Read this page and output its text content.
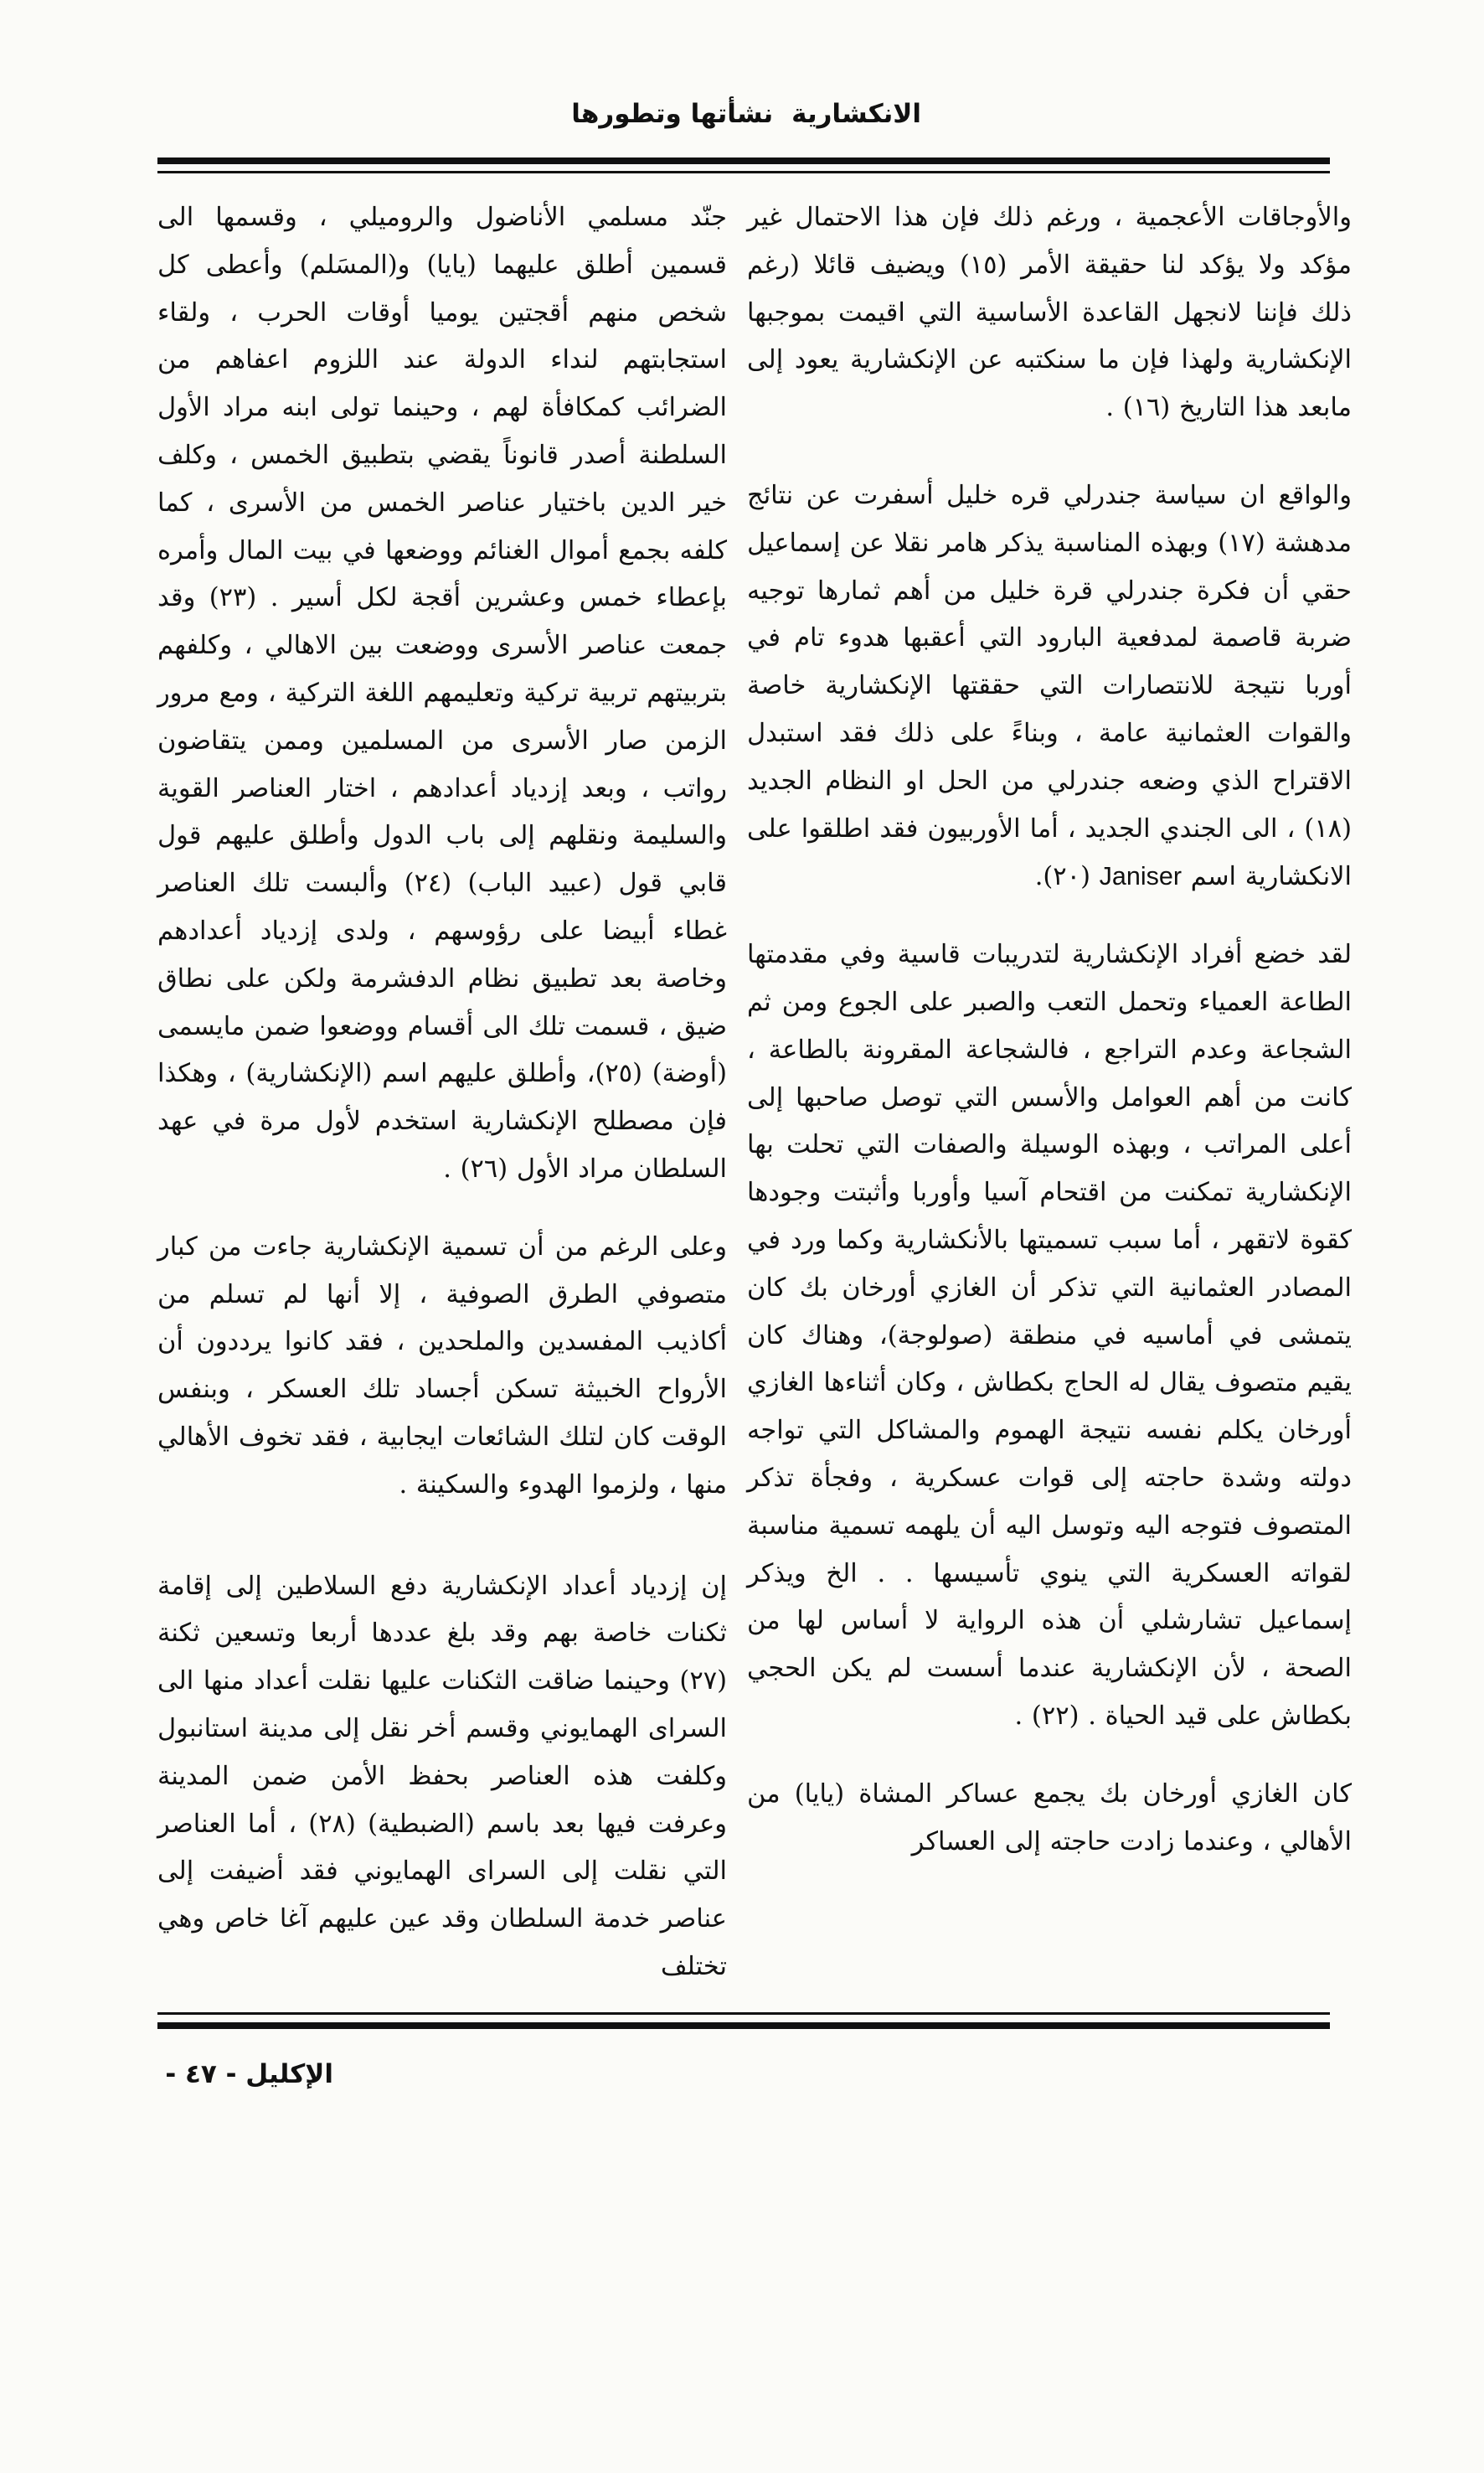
الانكشاريةنشأتها وتطورها

والأوجاقات الأعجمية ، ورغم ذلك فإن هذا الاحتمال غير مؤكد ولا يؤكد لنا حقيقة الأمر (١٥) ويضيف قائلا (رغم ذلك فإننا لانجهل القاعدة الأساسية التي اقيمت بموجبها الإنكشارية ولهذا فإن ما سنكتبه عن الإنكشارية يعود إلى مابعد هذا التاريخ (١٦) .

والواقع ان سياسة جندرلي قره خليل أسفرت عن نتائج مدهشة (١٧) وبهذه المناسبة يذكر هامر نقلا عن إسماعيل حقي أن فكرة جندرلي قرة خليل من أهم ثمارها توجيه ضربة قاصمة لمدفعية البارود التي أعقبها هدوء تام في أوربا نتيجة للانتصارات التي حققتها الإنكشارية خاصة والقوات العثمانية عامة ، وبناءً على ذلك فقد استبدل الاقتراح الذي وضعه جندرلي من الحل او النظام الجديد (١٨) ، الى الجندي الجديد ، أما الأوربيون فقد اطلقوا على الانكشارية اسم Janiser (٢٠).

لقد خضع أفراد الإنكشارية لتدريبات قاسية وفي مقدمتها الطاعة العمياء وتحمل التعب والصبر على الجوع ومن ثم الشجاعة وعدم التراجع ، فالشجاعة المقرونة بالطاعة ، كانت من أهم العوامل والأسس التي توصل صاحبها إلى أعلى المراتب ، وبهذه الوسيلة والصفات التي تحلت بها الإنكشارية تمكنت من اقتحام آسيا وأوربا وأثبتت وجودها كقوة لاتقهر ، أما سبب تسميتها بالأنكشارية وكما ورد في المصادر العثمانية التي تذكر أن الغازي أورخان بك كان يتمشى في أماسيه في منطقة (صولوجة)، وهناك كان يقيم متصوف يقال له الحاج بكطاش ، وكان أثناءها الغازي أورخان يكلم نفسه نتيجة الهموم والمشاكل التي تواجه دولته وشدة حاجته إلى قوات عسكرية ، وفجأة تذكر المتصوف فتوجه اليه وتوسل اليه أن يلهمه تسمية مناسبة لقواته العسكرية التي ينوي تأسيسها . . الخ ويذكر إسماعيل تشارشلي أن هذه الرواية لا أساس لها من الصحة ، لأن الإنكشارية عندما أسست لم يكن الحجي بكطاش على قيد الحياة . (٢٢) .

كان الغازي أورخان بك يجمع عساكر المشاة (يايا) من الأهالي ، وعندما زادت حاجته إلى العساكر

جنّد مسلمي الأناضول والروميلي ، وقسمها الى قسمين أطلق عليهما (يايا) و(المسَلم) وأعطى كل شخص منهم أقجتين يوميا أوقات الحرب ، ولقاء استجابتهم لنداء الدولة عند اللزوم اعفاهم من الضرائب كمكافأة لهم ، وحينما تولى ابنه مراد الأول السلطنة أصدر قانوناً يقضي بتطبيق الخمس ، وكلف خير الدين باختيار عناصر الخمس من الأسرى ، كما كلفه بجمع أموال الغنائم ووضعها في بيت المال وأمره بإعطاء خمس وعشرين أقجة لكل أسير . (٢٣) وقد جمعت عناصر الأسرى ووضعت بين الاهالي ، وكلفهم بتربيتهم تربية تركية وتعليمهم اللغة التركية ، ومع مرور الزمن صار الأسرى من المسلمين وممن يتقاضون رواتب ، وبعد إزدياد أعدادهم ، اختار العناصر القوية والسليمة ونقلهم إلى باب الدول وأطلق عليهم قول قابي قول (عبيد الباب) (٢٤) وألبست تلك العناصر غطاء أبيضا على رؤوسهم ، ولدى إزدياد أعدادهم وخاصة بعد تطبيق نظام الدفشرمة ولكن على نطاق ضيق ، قسمت تلك الى أقسام ووضعوا ضمن مايسمى (أوضة) (٢٥)، وأطلق عليهم اسم (الإنكشارية) ، وهكذا فإن مصطلح الإنكشارية استخدم لأول مرة في عهد السلطان مراد الأول (٢٦) .

وعلى الرغم من أن تسمية الإنكشارية جاءت من كبار متصوفي الطرق الصوفية ، إلا أنها لم تسلم من أكاذيب المفسدين والملحدين ، فقد كانوا يرددون أن الأرواح الخبيثة تسكن أجساد تلك العسكر ، وبنفس الوقت كان لتلك الشائعات ايجابية ، فقد تخوف الأهالي منها ، ولزموا الهدوء والسكينة .

إن إزدياد أعداد الإنكشارية دفع السلاطين إلى إقامة ثكنات خاصة بهم وقد بلغ عددها أربعا وتسعين ثكنة (٢٧) وحينما ضاقت الثكنات عليها نقلت أعداد منها الى السراى الهمايوني وقسم أخر نقل إلى مدينة استانبول وكلفت هذه العناصر بحفظ الأمن ضمن المدينة وعرفت فيها بعد باسم (الضبطية) (٢٨) ، أما العناصر التي نقلت إلى السراى الهمايوني فقد أضيفت إلى عناصر خدمة السلطان وقد عين عليهم آغا خاص وهي تختلف

الإكليل - ٤٧ -
